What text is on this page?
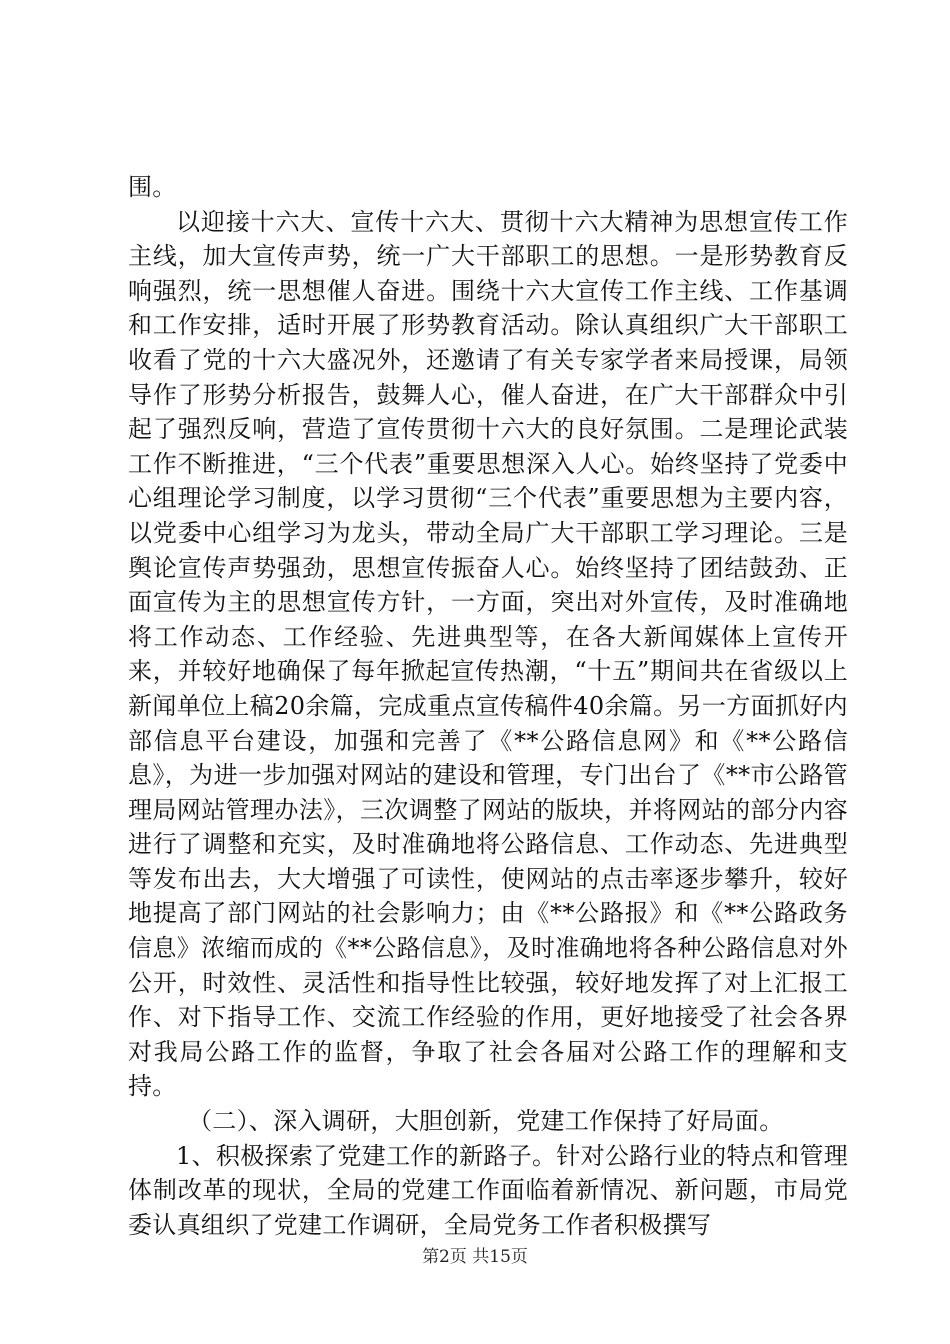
围。

以迎接十六大、宣传十六大、贯彻十六大精神为思想宣传工作主线，加大宣传声势，统一广大干部职工的思想。一是形势教育反响强烈，统一思想催人奋进。围绕十六大宣传工作主线、工作基调和工作安排，适时开展了形势教育活动。除认真组织广大干部职工收看了党的十六大盛况外，还邀请了有关专家学者来局授课，局领导作了形势分析报告，鼓舞人心，催人奋进，在广大干部群众中引起了强烈反响，营造了宣传贯彻十六大的良好氛围。二是理论武装工作不断推进，“三个代表”重要思想深入人心。始终坚持了党委中心组理论学习制度，以学习贯彻“三个代表”重要思想为主要内容，以党委中心组学习为龙头，带动全局广大干部职工学习理论。三是舆论宣传声势强劲，思想宣传振奋人心。始终坚持了团结鼓劲、正面宣传为主的思想宣传方针，一方面，突出对外宣传，及时准确地将工作动态、工作经验、先进典型等，在各大新闻媒体上宣传开来，并较好地确保了每年掀起宣传热潮，“十五”期间共在省级以上新闻单位上稿20余篇，完成重点宣传稿件40余篇。另一方面抓好内部信息平台建设，加强和完善了《**公路信息网》和《**公路信息》，为进一步加强对网站的建设和管理，专门出台了《**市公路管理局网站管理办法》，三次调整了网站的版块，并将网站的部分内容进行了调整和充实，及时准确地将公路信息、工作动态、先进典型等发布出去，大大增强了可读性，使网站的点击率逐步攀升，较好地提高了部门网站的社会影响力；由《**公路报》和《**公路政务信息》浓缩而成的《**公路信息》，及时准确地将各种公路信息对外公开，时效性、灵活性和指导性比较强，较好地发挥了对上汇报工作、对下指导工作、交流工作经验的作用，更好地接受了社会各界对我局公路工作的监督，争取了社会各届对公路工作的理解和支持。

（二）、深入调研，大胆创新，党建工作保持了好局面。

1、积极探索了党建工作的新路子。针对公路行业的特点和管理体制改革的现状，全局的党建工作面临着新情况、新问题，市局党委认真组织了党建工作调研，全局党务工作者积极撰写

第2页 共15页
